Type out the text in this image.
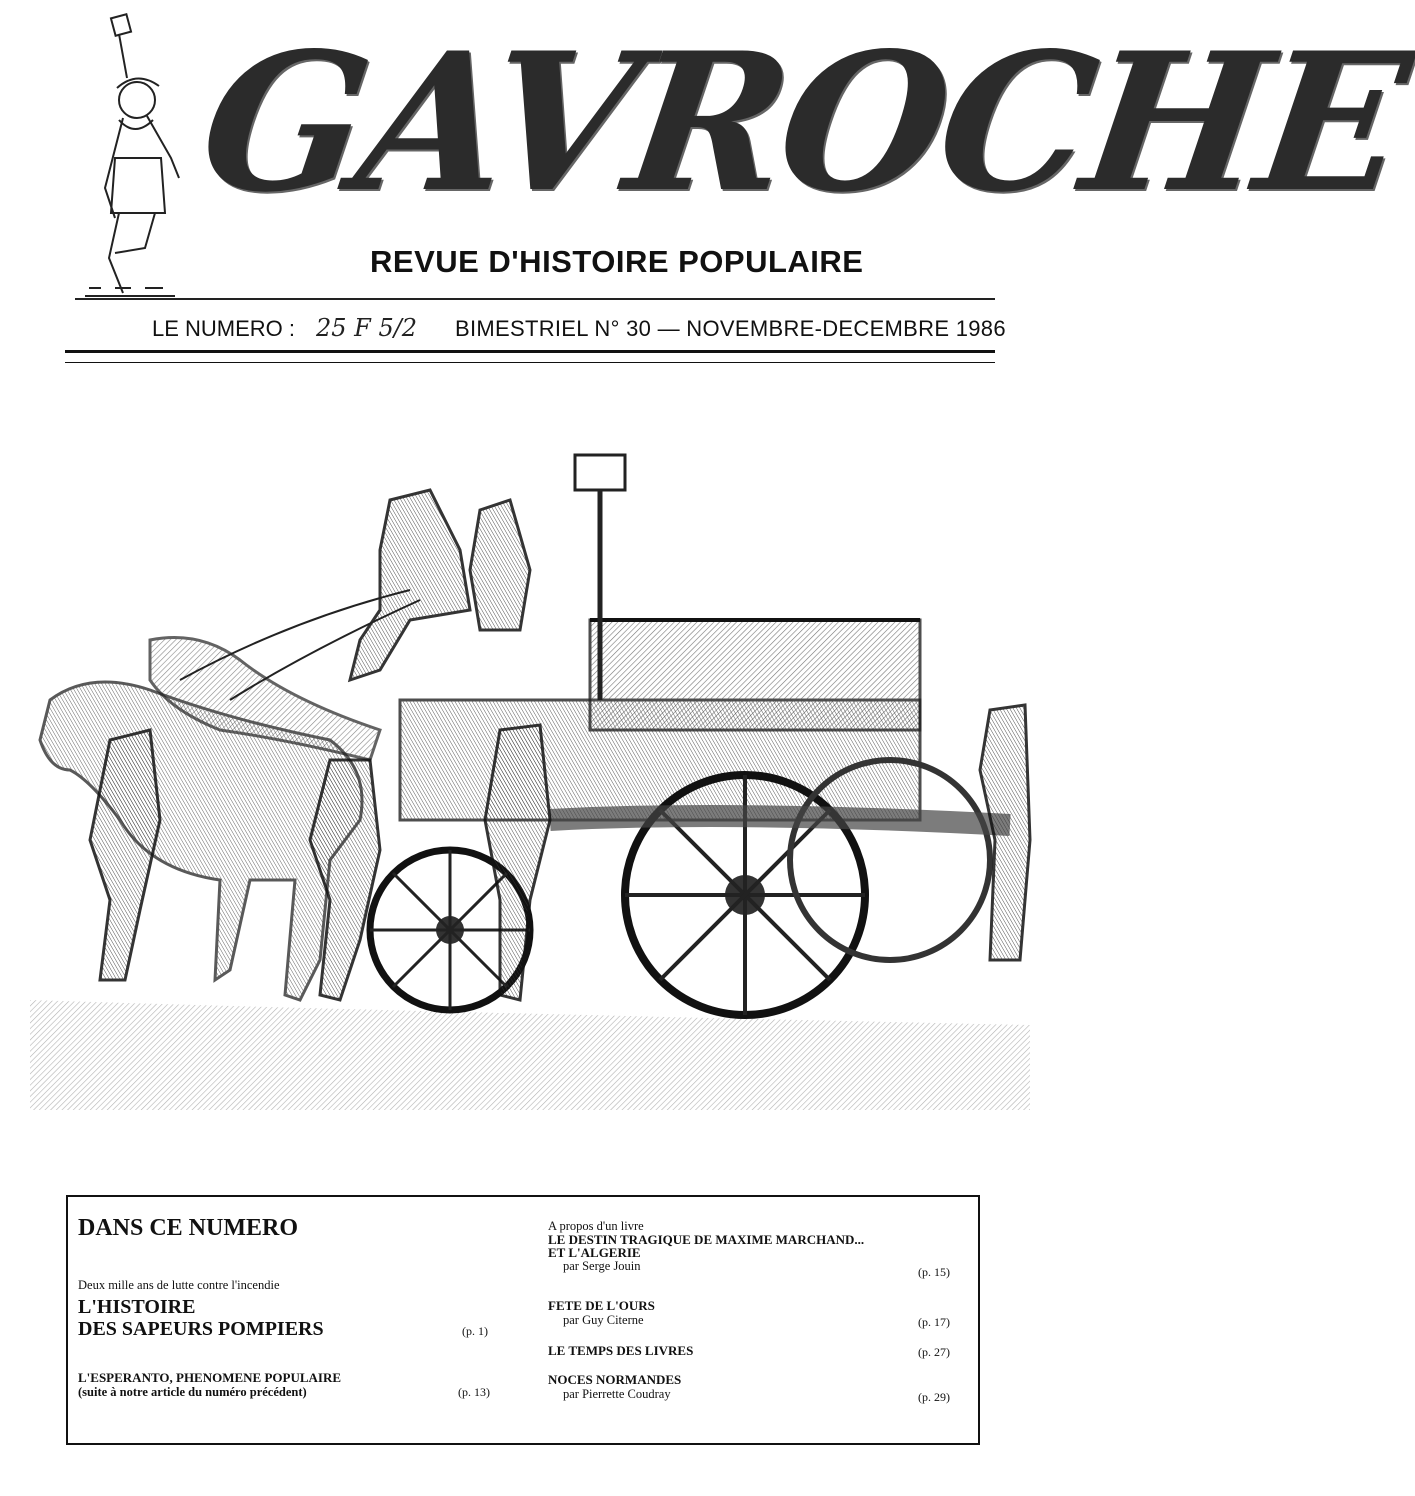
GAVROCHE
REVUE D'HISTOIRE POPULAIRE
LE NUMERO : 25 F 5/2 BIMESTRIEL N° 30 — NOVEMBRE-DECEMBRE 1986
DANS CE NUMERO
Deux mille ans de lutte contre l'incendie
L'HISTOIRE
DES SAPEURS POMPIERS	(p. 1)
L'ESPERANTO, PHENOMENE POPULAIRE
(suite à notre article du numéro précédent)	(p. 13)
A propos d'un livre
LE DESTIN TRAGIQUE DE MAXIME MARCHAND...
ET L'ALGERIE
par Serge Jouin	(p. 15)
FETE DE L'OURS
par Guy Citerne	(p. 17)
LE TEMPS DES LIVRES	(p. 27)
NOCES NORMANDES
par Pierrette Coudray	(p. 29)
